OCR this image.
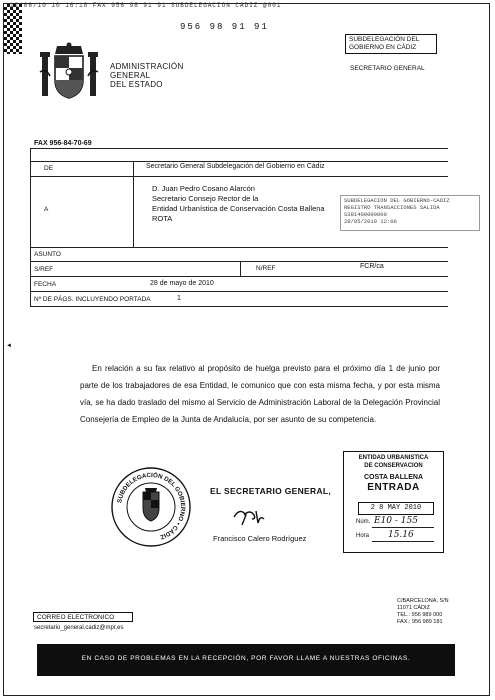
12/06/10 10 16:18 FAX 956 98 91 91 SUBDELEGACION CADIZ @001
956 98 91 91
ADMINISTRACIÓN
GENERAL
DEL ESTADO
SUBDELEGACIÓN DEL
GOBIERNO EN CÁDIZ
SECRETARIO GENERAL
FAX 956-84-70-69
DE	Secretario General Subdelegación del Gobierno en Cádiz
A
D. Juan Pedro Cosano Alarcón
Secretario Consejo Rector de la
Entidad Urbanística de Conservación Costa Ballena
ROTA
SUBDELEGACION DEL GOBIERNO-CADIZ
REGISTRO TRANSACCIONES SALIDA
S381400000000
28/05/2010 12:06
ASUNTO
S/REF	N/REF	FCR/ca
FECHA	28 de mayo de 2010
Nº DE PÁGS. INCLUYENDO PORTADA	1
◄
En relación a su fax relativo al propósito de huelga previsto para el próximo día 1 de junio por parte de los trabajadores de esa Entidad, le comunico que con esta misma fecha, y por esta misma vía, se ha dado traslado del mismo al Servicio de Administración Laboral de la Delegación Provincial Consejería de Empleo de la Junta de Andalucía, por ser asunto de su competencia.
SUBDELEGACIÓN DEL GOBIERNO • CÁDIZ
EL SECRETARIO GENERAL,
Francisco Calero Rodríguez
ENTIDAD URBANISTICA
DE CONSERVACION
COSTA BALLENA
ENTRADA
2 8 MAY 2010
Núm. E10 - 155
Hora 15.16
C/BARCELONA, S/N
11071 CÁDIZ
TEL.: 956 989 000
FAX.: 956 989 181
CORREO ELECTRONICO
secretario_general.cadiz@mpr.es
EN CASO DE PROBLEMAS EN LA RECEPCIÓN, POR FAVOR LLAME A NUESTRAS OFICINAS.
